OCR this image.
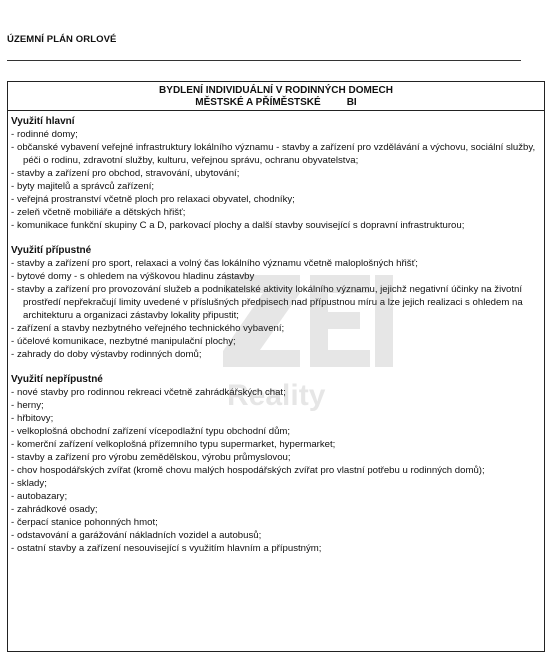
ÚZEMNÍ PLÁN ORLOVÉ
BYDLENÍ INDIVIDUÁLNÍ V RODINNÝCH DOMECH
MĚSTSKÉ A PŘÍMĚSTSKÉ	BI
Využití hlavní
- rodinné domy;
- občanské vybavení veřejné infrastruktury lokálního významu - stavby a zařízení pro vzdělávání a výchovu, sociální služby, péči o rodinu, zdravotní služby, kulturu, veřejnou správu, ochranu obyvatelstva;
- stavby a zařízení pro obchod, stravování, ubytování;
- byty majitelů a správců zařízení;
- veřejná prostranství včetně ploch pro relaxaci obyvatel, chodníky;
- zeleň včetně mobiliáře a dětských hřišť;
- komunikace funkční skupiny C a D, parkovací plochy a další stavby související s dopravní infrastrukturou;
Využití přípustné
- stavby a zařízení pro sport, relaxaci a volný čas lokálního významu včetně maloplošných hřišť;
- bytové domy - s ohledem na výškovou hladinu zástavby
- stavby a zařízení pro provozování služeb a podnikatelské aktivity lokálního významu, jejichž negativní účinky na životní prostředí nepřekračují limity uvedené v příslušných předpisech nad přípustnou míru a lze jejich realizaci s ohledem na architekturu a organizaci zástavby lokality připustit;
- zařízení a stavby nezbytného veřejného technického vybavení;
- účelové komunikace, nezbytné manipulační plochy;
- zahrady do doby výstavby rodinných domů;
Využití nepřípustné
- nové stavby pro rodinnou rekreaci včetně zahrádkářských chat;
- herny;
- hřbitovy;
- velkoplošná obchodní zařízení vícepodlažní typu obchodní dům;
- komerční zařízení velkoplošná přízemního typu supermarket, hypermarket;
- stavby a zařízení pro výrobu zemědělskou, výrobu průmyslovou;
- chov hospodářských zvířat (kromě chovu malých hospodářských zvířat pro vlastní potřebu u rodinných domů);
- sklady;
- autobazary;
- zahrádkové osady;
- čerpací stanice pohonných hmot;
- odstavování a garážování nákladních vozidel a autobusů;
- ostatní stavby a zařízení nesouvisející s využitím hlavním a přípustným;
Reality
